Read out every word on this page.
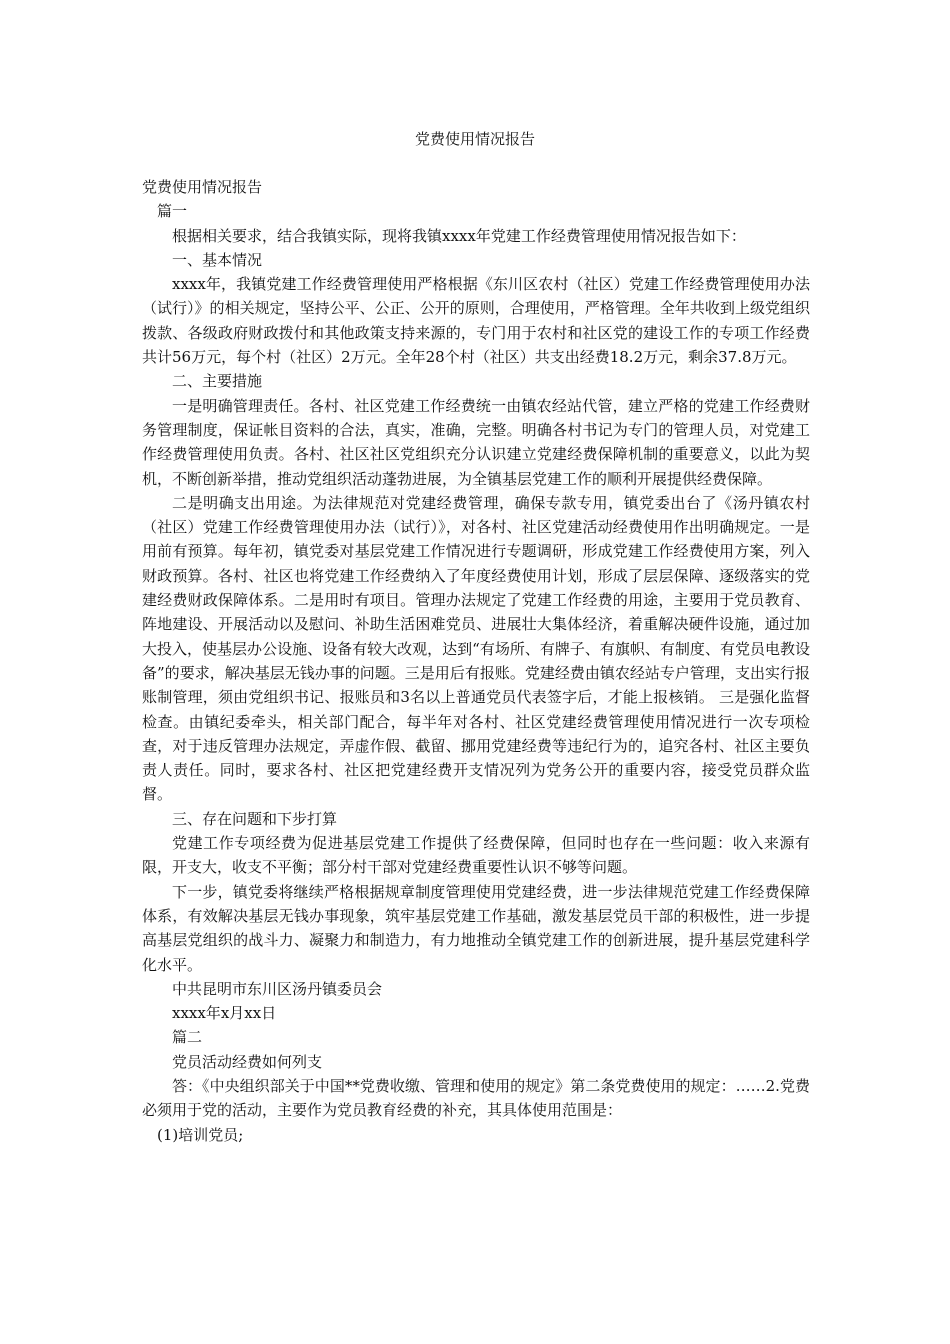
党费使用情况报告

党费使用情况报告

篇一

根据相关要求，结合我镇实际，现将我镇xxxx年党建工作经费管理使用情况报告如下：

一、基本情况

xxxx年，我镇党建工作经费管理使用严格根据《东川区农村（社区）党建工作经费管理使用办法（试行）》的相关规定，坚持公平、公正、公开的原则，合理使用，严格管理。全年共收到上级党组织拨款、各级政府财政拨付和其他政策支持来源的，专门用于农村和社区党的建设工作的专项工作经费共计56万元，每个村（社区）2万元。全年28个村（社区）共支出经费18.2万元，剩余37.8万元。

二、主要措施

一是明确管理责任。各村、社区党建工作经费统一由镇农经站代管，建立严格的党建工作经费财务管理制度，保证帐目资料的合法，真实，准确，完整。明确各村书记为专门的管理人员，对党建工作经费管理使用负责。各村、社区社区党组织充分认识建立党建经费保障机制的重要意义，以此为契机，不断创新举措，推动党组织活动蓬勃进展，为全镇基层党建工作的顺利开展提供经费保障。

二是明确支出用途。为法律规范对党建经费管理，确保专款专用，镇党委出台了《汤丹镇农村（社区）党建工作经费管理使用办法（试行）》，对各村、社区党建活动经费使用作出明确规定。一是用前有预算。每年初，镇党委对基层党建工作情况进行专题调研，形成党建工作经费使用方案，列入财政预算。各村、社区也将党建工作经费纳入了年度经费使用计划，形成了层层保障、逐级落实的党建经费财政保障体系。二是用时有项目。管理办法规定了党建工作经费的用途，主要用于党员教育、阵地建设、开展活动以及慰问、补助生活困难党员、进展壮大集体经济，着重解决硬件设施，通过加大投入，使基层办公设施、设备有较大改观，达到“有场所、有牌子、有旗帜、有制度、有党员电教设备”的要求，解决基层无钱办事的问题。三是用后有报账。党建经费由镇农经站专户管理，支出实行报账制管理，须由党组织书记、报账员和3名以上普通党员代表签字后，才能上报核销。 三是强化监督检查。由镇纪委牵头，相关部门配合，每半年对各村、社区党建经费管理使用情况进行一次专项检查，对于违反管理办法规定，弄虚作假、截留、挪用党建经费等违纪行为的，追究各村、社区主要负责人责任。同时，要求各村、社区把党建经费开支情况列为党务公开的重要内容，接受党员群众监督。

三、存在问题和下步打算

党建工作专项经费为促进基层党建工作提供了经费保障，但同时也存在一些问题：收入来源有限，开支大，收支不平衡；部分村干部对党建经费重要性认识不够等问题。

下一步，镇党委将继续严格根据规章制度管理使用党建经费，进一步法律规范党建工作经费保障体系，有效解决基层无钱办事现象，筑牢基层党建工作基础，激发基层党员干部的积极性，进一步提高基层党组织的战斗力、凝聚力和制造力，有力地推动全镇党建工作的创新进展，提升基层党建科学化水平。

中共昆明市东川区汤丹镇委员会

xxxx年x月xx日

篇二

党员活动经费如何列支

答：《中央组织部关于中国**党费收缴、管理和使用的规定》第二条党费使用的规定：……2.党费必须用于党的活动，主要作为党员教育经费的补充，其具体使用范围是：

(1)培训党员;
